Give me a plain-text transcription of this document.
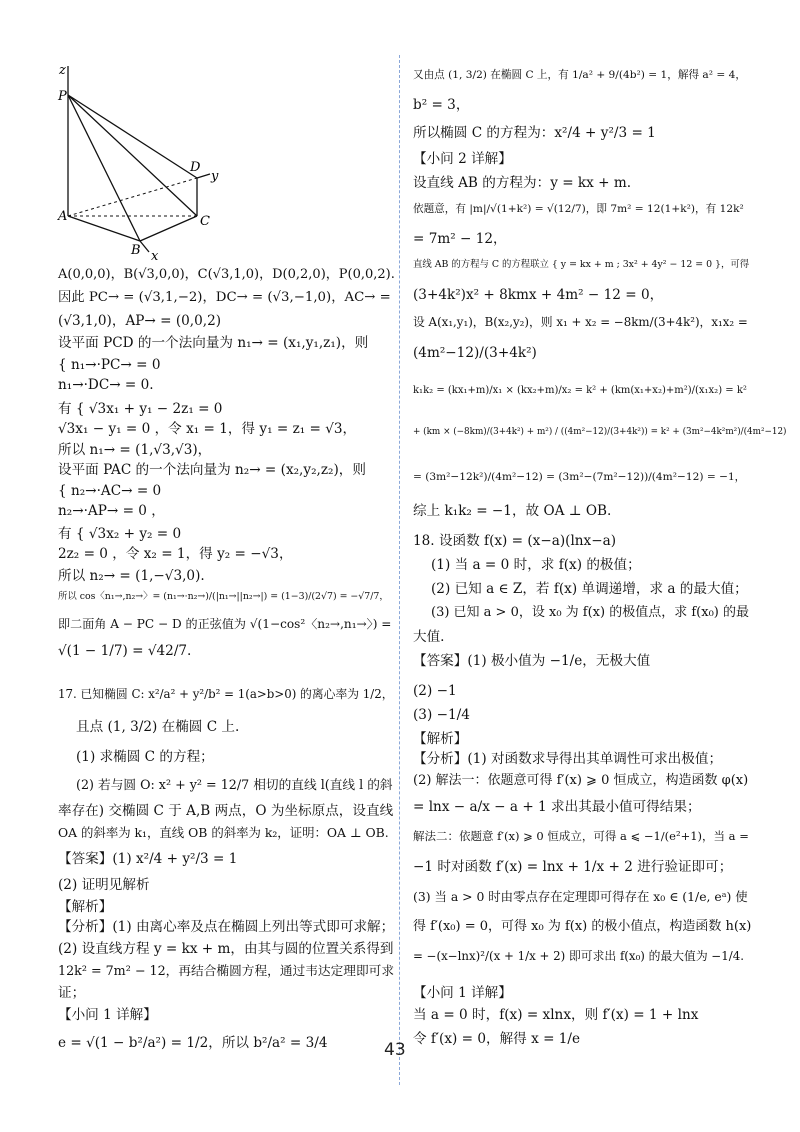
z
P
D
y
A	C
B x
A(0,0,0)，B(√3,0,0)，C(√3,1,0)，D(0,2,0)，P(0,0,2).
因此 PC→ = (√3,1,−2)，DC→ = (√3,−1,0)，AC→ =
(√3,1,0)，AP→ = (0,0,2)
设平面 PCD 的一个法向量为 n₁→ = (x₁,y₁,z₁)，则
{ n₁→·PC→ = 0
n₁→·DC→ = 0.
有 { √3x₁ + y₁ − 2z₁ = 0
√3x₁ − y₁ = 0 ，令 x₁ = 1，得 y₁ = z₁ = √3，
所以 n₁→ = (1,√3,√3)，
设平面 PAC 的一个法向量为 n₂→ = (x₂,y₂,z₂)，则
{ n₂→·AC→ = 0
n₂→·AP→ = 0 ，
有 { √3x₂ + y₂ = 0
2z₂ = 0 ，令 x₂ = 1，得 y₂ = −√3，
所以 n₂→ = (1,−√3,0).
所以 cos〈n₁→,n₂→〉= (n₁→·n₂→)/(|n₁→||n₂→|) = (1−3)/(2√7) = −√7/7，
即二面角 A − PC − D 的正弦值为 √(1−cos²〈n₂→,n₁→〉) =
√(1 − 1/7) = √42/7.
17. 已知椭圆 C: x²/a² + y²/b² = 1(a>b>0) 的离心率为 1/2，
且点 (1, 3/2) 在椭圆 C 上.
(1) 求椭圆 C 的方程；
(2) 若与圆 O: x² + y² = 12/7 相切的直线 l(直线 l 的斜
率存在) 交椭圆 C 于 A,B 两点，O 为坐标原点，设直线
OA 的斜率为 k₁，直线 OB 的斜率为 k₂，证明：OA ⊥ OB.
【答案】(1) x²/4 + y²/3 = 1
(2) 证明见解析
【解析】
【分析】(1) 由离心率及点在椭圆上列出等式即可求解；
(2) 设直线方程 y = kx + m，由其与圆的位置关系得到
12k² = 7m² − 12，再结合椭圆方程，通过韦达定理即可求
证；
【小问 1 详解】
e = √(1 − b²/a²) = 1/2，所以 b²/a² = 3/4
又由点 (1, 3/2) 在椭圆 C 上，有 1/a² + 9/(4b²) = 1，解得 a² = 4，
b² = 3，
所以椭圆 C 的方程为：x²/4 + y²/3 = 1
【小问 2 详解】
设直线 AB 的方程为：y = kx + m.
依题意，有 |m|/√(1+k²) = √(12/7)，即 7m² = 12(1+k²)，有 12k²
= 7m² − 12，
直线 AB 的方程与 C 的方程联立 { y = kx + m ; 3x² + 4y² − 12 = 0 }，可得
(3+4k²)x² + 8kmx + 4m² − 12 = 0，
设 A(x₁,y₁)，B(x₂,y₂)，则 x₁ + x₂ = −8km/(3+4k²)，x₁x₂ =
(4m²−12)/(3+4k²)
k₁k₂ = (kx₁+m)/x₁ × (kx₂+m)/x₂ = k² + (km(x₁+x₂)+m²)/(x₁x₂) = k²
+ (km × (−8km)/(3+4k²) + m²) / ((4m²−12)/(3+4k²)) = k² + (3m²−4k²m²)/(4m²−12)
= (3m²−12k²)/(4m²−12) = (3m²−(7m²−12))/(4m²−12) = −1，
综上 k₁k₂ = −1，故 OA ⊥ OB.
18. 设函数 f(x) = (x−a)(lnx−a)
(1) 当 a = 0 时，求 f(x) 的极值；
(2) 已知 a ∈ Z，若 f(x) 单调递增，求 a 的最大值；
(3) 已知 a > 0，设 x₀ 为 f(x) 的极值点，求 f(x₀) 的最
大值.
【答案】(1) 极小值为 −1/e，无极大值
(2) −1
(3) −1/4
【解析】
【分析】(1) 对函数求导得出其单调性可求出极值；
(2) 解法一：依题意可得 f′(x) ⩾ 0 恒成立，构造函数 φ(x)
= lnx − a/x − a + 1 求出其最小值可得结果；
解法二：依题意 f′(x) ⩾ 0 恒成立，可得 a ⩽ −1/(e²+1)，当 a =
−1 时对函数 f′(x) = lnx + 1/x + 2 进行验证即可；
(3) 当 a > 0 时由零点存在定理即可得存在 x₀ ∈ (1/e, eᵃ) 使
得 f′(x₀) = 0，可得 x₀ 为 f(x) 的极小值点，构造函数 h(x)
= −(x−lnx)²/(x + 1/x + 2) 即可求出 f(x₀) 的最大值为 −1/4.
【小问 1 详解】
当 a = 0 时，f(x) = xlnx，则 f′(x) = 1 + lnx
令 f′(x) = 0，解得 x = 1/e
43
